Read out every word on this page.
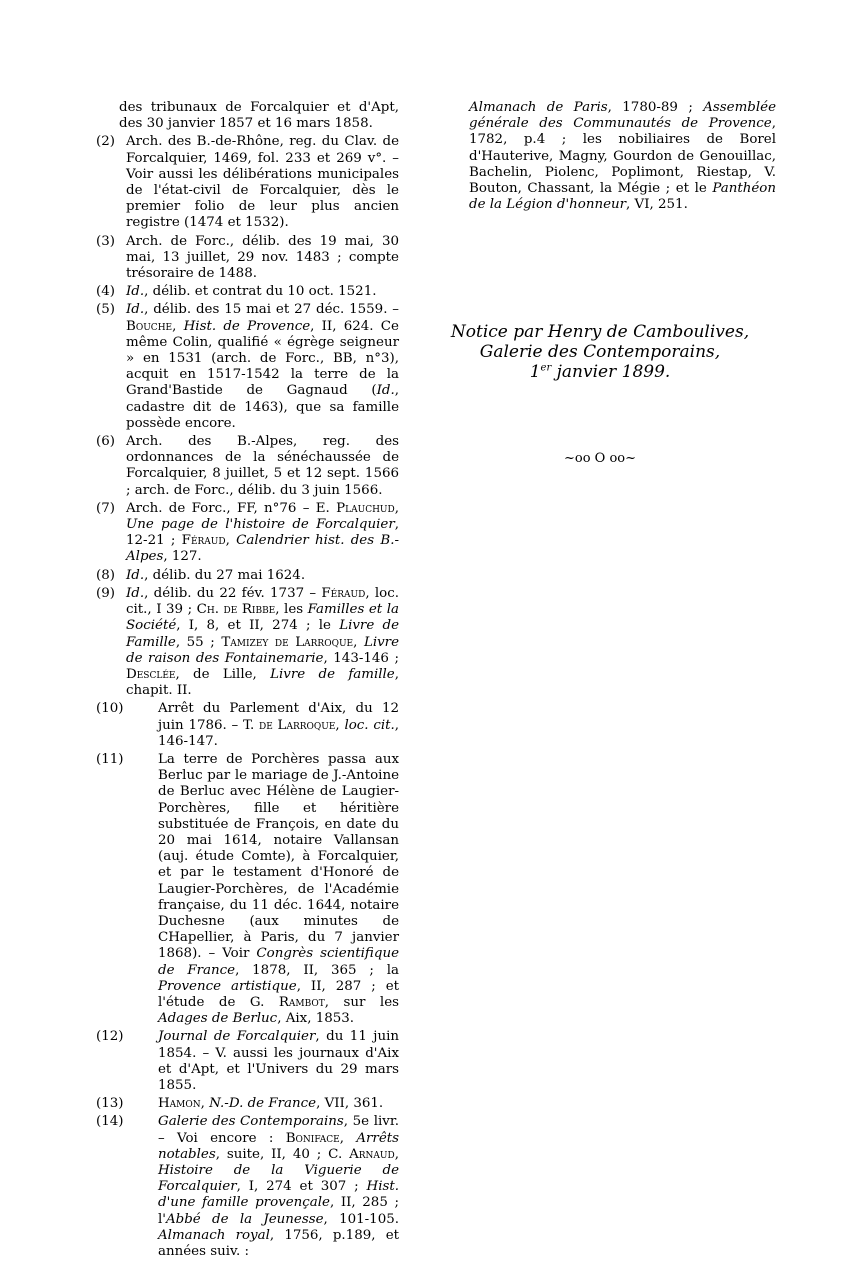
des tribunaux de Forcalquier et d'Apt, des 30 janvier 1857 et 16 mars 1858.
(2) Arch. des B.-de-Rhône, reg. du Clav. de Forcalquier, 1469, fol. 233 et 269 v°. – Voir aussi les délibérations municipales de l'état-civil de Forcalquier, dès le premier folio de leur plus ancien registre (1474 et 1532).
(3) Arch. de Forc., délib. des 19 mai, 30 mai, 13 juillet, 29 nov. 1483 ; compte trésoraire de 1488.
(4) Id., délib. et contrat du 10 oct. 1521.
(5) Id., délib. des 15 mai et 27 déc. 1559. – Bouche, Hist. de Provence, II, 624. Ce même Colin, qualifié « égrège seigneur » en 1531 (arch. de Forc., BB, n°3), acquit en 1517-1542 la terre de la Grand'Bastide de Gagnaud (Id., cadastre dit de 1463), que sa famille possède encore.
(6) Arch. des B.-Alpes, reg. des ordonnances de la sénéchaussée de Forcalquier, 8 juillet, 5 et 12 sept. 1566 ; arch. de Forc., délib. du 3 juin 1566.
(7) Arch. de Forc., FF, n°76 – E. Plauchud, Une page de l'histoire de Forcalquier, 12-21 ; Féraud, Calendrier hist. des B.-Alpes, 127.
(8) Id., délib. du 27 mai 1624.
(9) Id., délib. du 22 fév. 1737 – Féraud, loc. cit., I 39 ; Ch. de Ribbe, les Familles et la Société, I, 8, et II, 274 ; le Livre de Famille, 55 ; Tamizey de Larroque, Livre de raison des Fontainemarie, 143-146 ; Desclée, de Lille, Livre de famille, chapit. II.
(10)	Arrêt du Parlement d'Aix, du 12 juin 1786. – T. de Larroque, loc. cit., 146-147.
(11)	La terre de Porchères passa aux Berluc par le mariage de J.-Antoine de Berluc avec Hélène de Laugier-Porchères, fille et héritière substituée de François, en date du 20 mai 1614, notaire Vallansan (auj. étude Comte), à Forcalquier, et par le testament d'Honoré de Laugier-Porchères, de l'Académie française, du 11 déc. 1644, notaire Duchesne (aux minutes de CHapellier, à Paris, du 7 janvier 1868). – Voir Congrès scientifique de France, 1878, II, 365 ; la Provence artistique, II, 287 ; et l'étude de G. Rambot, sur les Adages de Berluc, Aix, 1853.
(12)	Journal de Forcalquier, du 11 juin 1854. – V. aussi les journaux d'Aix et d'Apt, et l'Univers du 29 mars 1855.
(13)	Hamon, N.-D. de France, VII, 361.
(14)	Galerie des Contemporains, 5e livr. – Voi encore : Boniface, Arrêts notables, suite, II, 40 ; C. Arnaud, Histoire de la Viguerie de Forcalquier, I, 274 et 307 ; Hist. d'une famille provençale, II, 285 ; l'Abbé de la Jeunesse, 101-105. Almanach royal, 1756, p.189, et années suiv. :
Almanach de Paris, 1780-89 ; Assemblée générale des Communautés de Provence, 1782, p.4 ; les nobiliaires de Borel d'Hauterive, Magny, Gourdon de Genouillac, Bachelin, Piolenc, Poplimont, Riestap, V. Bouton, Chassant, la Mégie ; et le Panthéon de la Légion d'honneur, VI, 251.
Notice par Henry de Camboulives,
Galerie des Contemporains,
1er janvier 1899.
~oo O oo~
